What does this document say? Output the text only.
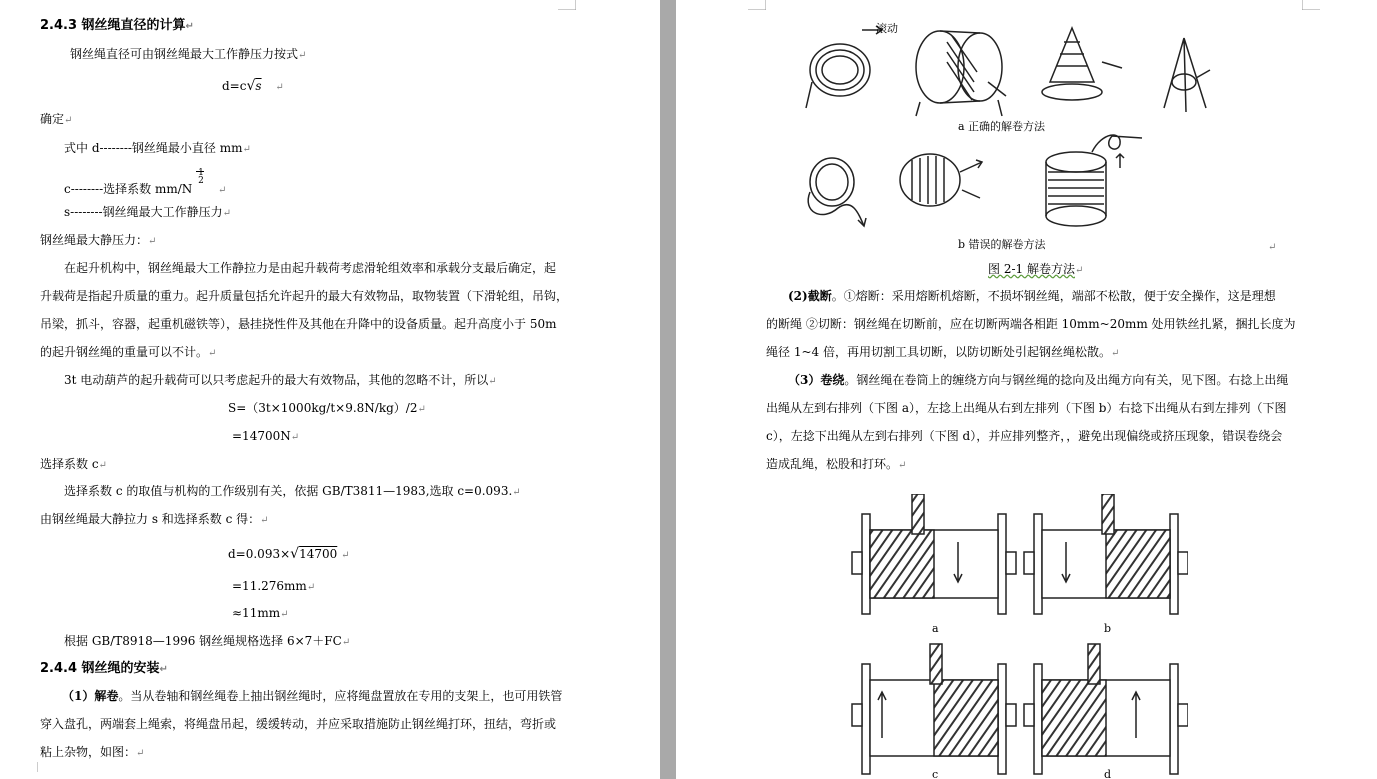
2.4.3 钢丝绳直径的计算↵
钢丝绳直径可由钢丝绳最大工作静压力按式↵
d=c√s ↵
确定↵
式中 d--------钢丝绳最小直径 mm↵
c--------选择系数 mm/N
1
2
↵
s--------钢丝绳最大工作静压力↵
钢丝绳最大静压力：↵
在起升机构中，钢丝绳最大工作静拉力是由起升载荷考虑滑轮组效率和承载分支最后确定，起
升载荷是指起升质量的重力。起升质量包括允许起升的最大有效物品，取物装置（下滑轮组，吊钩，
吊梁，抓斗，容器，起重机磁铁等），悬挂挠性件及其他在升降中的设备质量。起升高度小于 50m
的起升钢丝绳的重量可以不计。↵
3t 电动葫芦的起升载荷可以只考虑起升的最大有效物品，其他的忽略不计，所以↵
S=（3t×1000kg/t×9.8N/kg）/2↵
=14700N↵
选择系数 c↵
选择系数 c 的取值与机构的工作级别有关，依据 GB/T3811—1983,选取 c=0.093.↵
由钢丝绳最大静拉力 s 和选择系数 c 得：↵
d=0.093×√14700 ↵
=11.276mm↵
≈11mm↵
根据 GB/T8918—1996 钢丝绳规格选择 6×7＋FC↵
2.4.4 钢丝绳的安装↵
（1）解卷。当从卷轴和钢丝绳卷上抽出钢丝绳时，应将绳盘置放在专用的支架上，也可用铁管
穿入盘孔，两端套上绳索，将绳盘吊起，缓缓转动，并应采取措施防止钢丝绳打环，扭结，弯折或
粘上杂物，如图：↵
滚动
a 正确的解卷方法
b 错误的解卷方法	↵
图 2-1 解卷方法↵
(2)截断。①熔断：采用熔断机熔断，不损坏钢丝绳，端部不松散，便于安全操作，这是理想
的断绳 ②切断：钢丝绳在切断前，应在切断两端各相距 10mm~20mm 处用铁丝扎紧，捆扎长度为
绳径 1~4 倍，再用切割工具切断，以防切断处引起钢丝绳松散。↵
（3）卷绕。钢丝绳在卷筒上的缠绕方向与钢丝绳的捻向及出绳方向有关，见下图。右捻上出绳
出绳从左到右排列（下图 a），左捻上出绳从右到左排列（下图 b）右捻下出绳从右到左排列（下图
c），左捻下出绳从左到右排列（下图 d），并应排列整齐，，避免出现偏绕或挤压现象，错误卷绕会
造成乱绳，松股和打环。↵
a	b
c	d
